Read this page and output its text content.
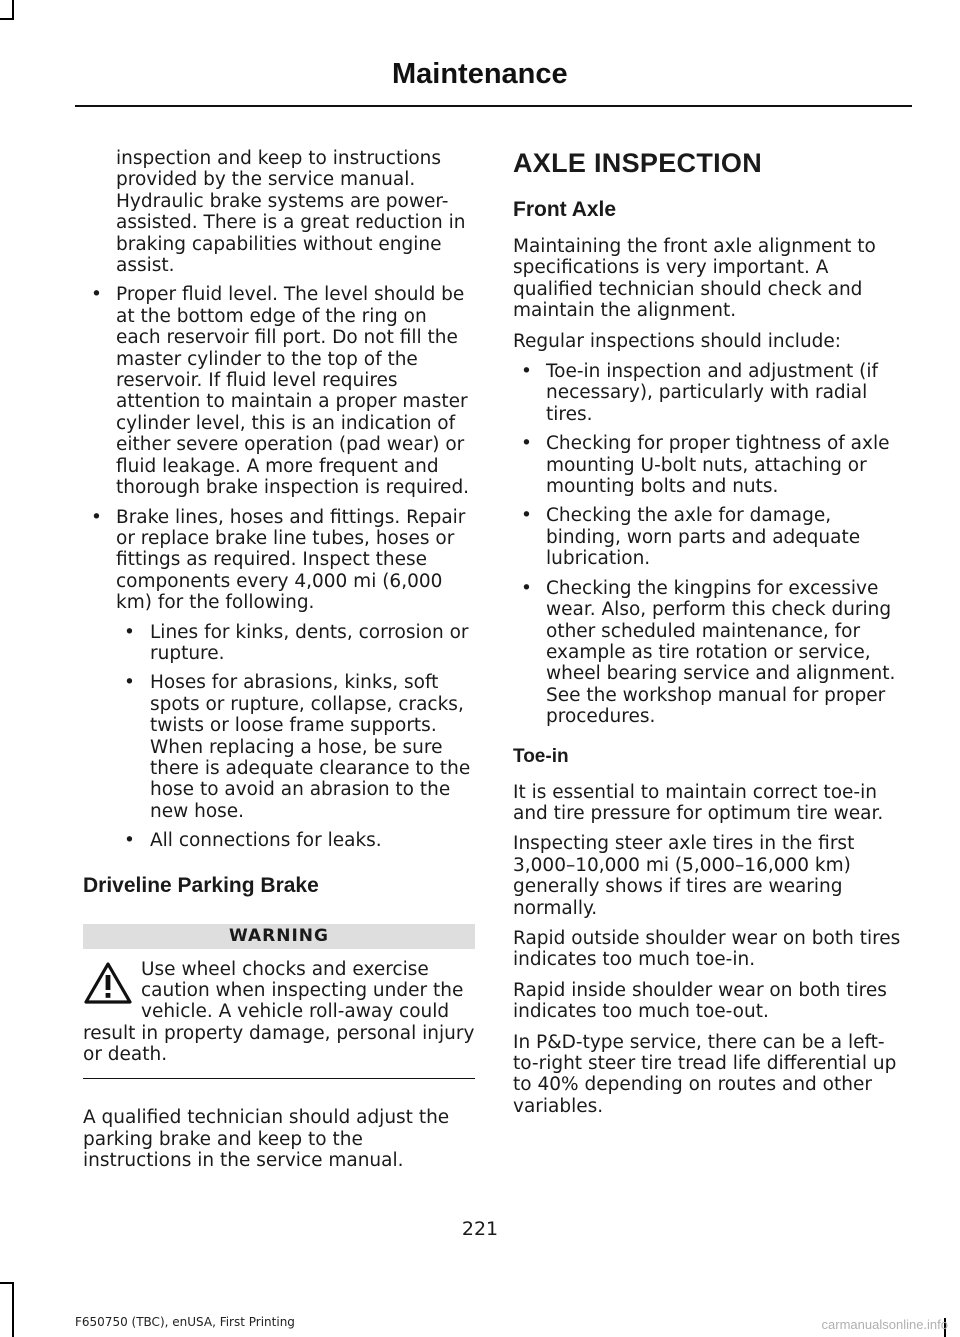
Maintenance

inspection and keep to instructions provided by the service manual. Hydraulic brake systems are power-assisted. There is a great reduction in braking capabilities without engine assist.

• Proper fluid level. The level should be at the bottom edge of the ring on each reservoir fill port. Do not fill the master cylinder to the top of the reservoir. If fluid level requires attention to maintain a proper master cylinder level, this is an indication of either severe operation (pad wear) or fluid leakage. A more frequent and thorough brake inspection is required.
• Brake lines, hoses and fittings. Repair or replace brake line tubes, hoses or fittings as required. Inspect these components every 4,000 mi (6,000 km) for the following.
• Lines for kinks, dents, corrosion or rupture.
• Hoses for abrasions, kinks, soft spots or rupture, collapse, cracks, twists or loose frame supports. When replacing a hose, be sure there is adequate clearance to the hose to avoid an abrasion to the new hose.
• All connections for leaks.
Driveline Parking Brake
WARNING
Use wheel chocks and exercise caution when inspecting under the vehicle. A vehicle roll-away could result in property damage, personal injury or death.

A qualified technician should adjust the parking brake and keep to the instructions in the service manual.

AXLE INSPECTION
Front Axle

Maintaining the front axle alignment to specifications is very important. A qualified technician should check and maintain the alignment.

Regular inspections should include:

• Toe-in inspection and adjustment (if necessary), particularly with radial tires.
• Checking for proper tightness of axle mounting U-bolt nuts, attaching or mounting bolts and nuts.
• Checking the axle for damage, binding, worn parts and adequate lubrication.
• Checking the kingpins for excessive wear. Also, perform this check during other scheduled maintenance, for example as tire rotation or service, wheel bearing service and alignment. See the workshop manual for proper procedures.
Toe-in

It is essential to maintain correct toe-in and tire pressure for optimum tire wear.

Inspecting steer axle tires in the first 3,000–10,000 mi (5,000–16,000 km) generally shows if tires are wearing normally.

Rapid outside shoulder wear on both tires indicates too much toe-in.

Rapid inside shoulder wear on both tires indicates too much toe-out.

In P&D-type service, there can be a left-to-right steer tire tread life differential up to 40% depending on routes and other variables.

221
F650750 (TBC), enUSA, First Printing	carmanualsonline.info
